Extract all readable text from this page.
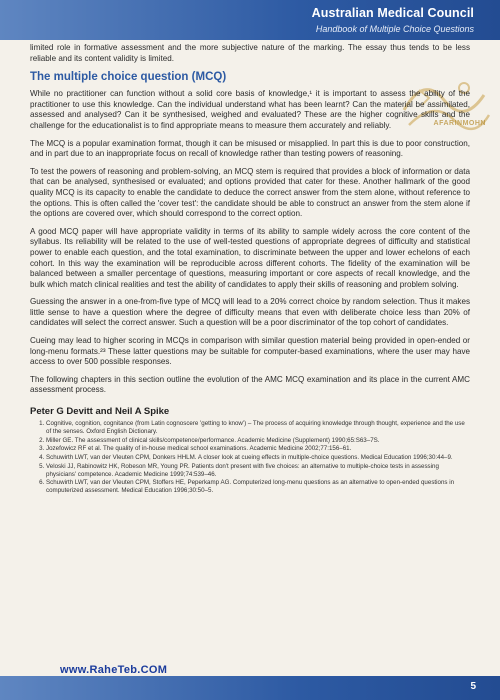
Australian Medical Council
Handbook of Multiple Choice Questions
AFARINMOHN

limited role in formative assessment and the more subjective nature of the marking. The essay thus tends to be less reliable and its content validity is limited.

The multiple choice question (MCQ)

While no practitioner can function without a solid core basis of knowledge,¹ it is important to assess the ability of the practitioner to use this knowledge. Can the individual understand what has been learnt? Can the material be assimilated, assessed and analysed? Can it be synthesised, weighed and evaluated? These are the higher cognitive skills and the challenge for the educationalist is to find appropriate means to measure them accurately and reliably.

The MCQ is a popular examination format, though it can be misused or misapplied. In part this is due to poor construction, and in part due to an inappropriate focus on recall of knowledge rather than testing powers of reasoning.

To test the powers of reasoning and problem-solving, an MCQ stem is required that provides a block of information or data that can be analysed, synthesised or evaluated; and options provided that cater for these. Another hallmark of the good quality MCQ is its capacity to enable the candidate to deduce the correct answer from the stem alone, without reference to the options. This is often called the 'cover test': the candidate should be able to construct an answer from the stem alone if the options are covered over, which should correspond to the correct option.

A good MCQ paper will have appropriate validity in terms of its ability to sample widely across the core content of the syllabus. Its reliability will be related to the use of well-tested questions of appropriate degrees of difficulty and statistical power to enable each question, and the total examination, to discriminate between the upper and lower echelons of each cohort. In this way the examination will be reproducible across different cohorts. The fidelity of the examination will be balanced between a smaller percentage of questions, measuring important or core aspects of recall knowledge, and the bulk which match clinical realities and test the ability of candidates to apply their skills of reasoning and problem solving.

Guessing the answer in a one-from-five type of MCQ will lead to a 20% correct choice by random selection. Thus it makes little sense to have a question where the degree of difficulty means that even with deliberate choice less than 20% of candidates will select the correct answer. Such a question will be a poor discriminator of the top cohort of candidates.

Cueing may lead to higher scoring in MCQs in comparison with similar question material being provided in open-ended or long-menu formats.²³ These latter questions may be suitable for computer-based examinations, where the user may have access to over 500 possible responses.

The following chapters in this section outline the evolution of the AMC MCQ examination and its place in the current AMC assessment process.

Peter G Devitt and Neil A Spike
1. Cognitive, cognition, cognitance (from Latin cognoscere 'getting to know') – The process of acquiring knowledge through thought, experience and the use of the senses. Oxford English Dictionary.
2. Miller GE. The assessment of clinical skills/competence/performance. Academic Medicine (Supplement) 1990;65:S63–7S.
3. Jozefowicz RF et al. The quality of in-house medical school examinations. Academic Medicine 2002;77:156–61.
4. Schuwirth LWT, van der Vleuten CPM, Donkers HHLM. A closer look at cueing effects in multiple-choice questions. Medical Education 1996;30:44–9.
5. Veloski JJ, Rabinowitz HK, Robeson MR, Young PR. Patients don't present with five choices: an alternative to multiple-choice tests in assessing physicians' competence. Academic Medicine 1999;74:539–46.
6. Schuwirth LWT, van der Vleuten CPM, Stoffers HE, Peperkamp AG. Computerized long-menu questions as an alternative to open-ended questions in computerized assessment. Medical Education 1996;30:50–5.
www.RaheTeb.COM
5
